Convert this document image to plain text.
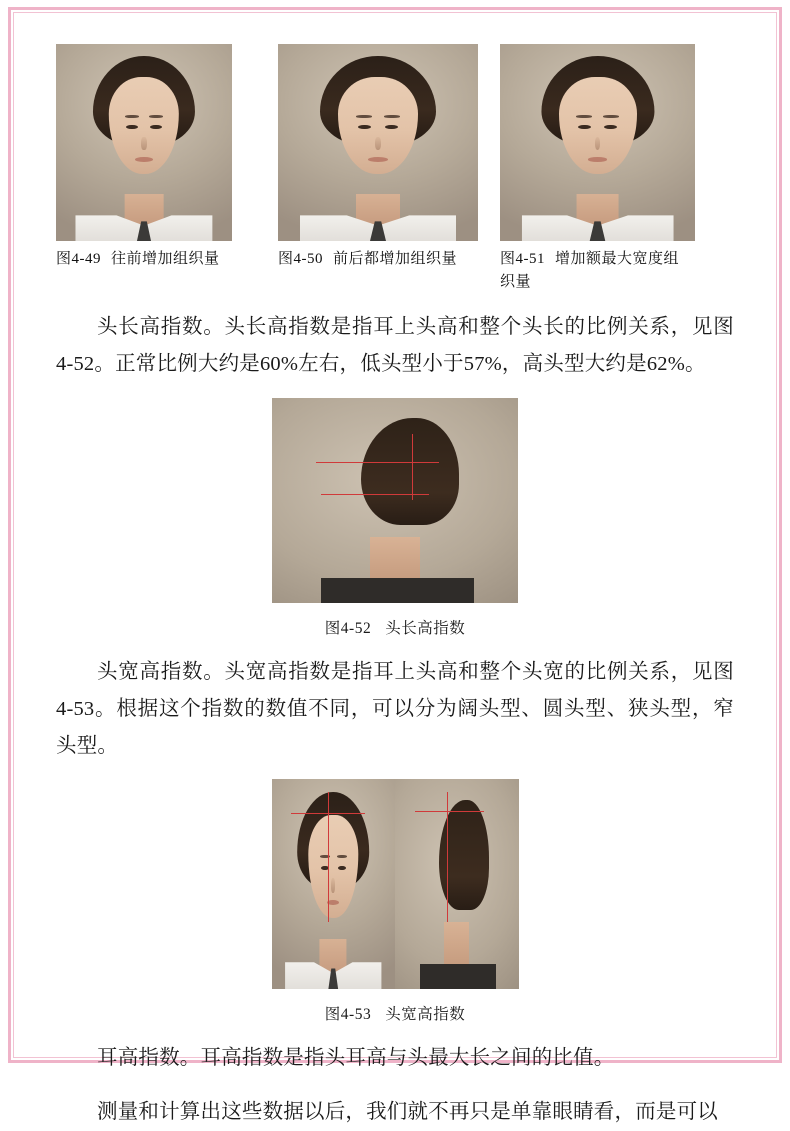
图4-49 往前增加组织量	图4-50 前后都增加组织量	图4-51 增加额最大宽度组织量

头长高指数。头长高指数是指耳上头高和整个头长的比例关系，见图4-52。正常比例大约是60%左右，低头型小于57%，高头型大约是62%。

图4-52 头长高指数

头宽高指数。头宽高指数是指耳上头高和整个头宽的比例关系，见图4-53。根据这个指数的数值不同，可以分为阔头型、圆头型、狭头型，窄头型。

图4-53 头宽高指数

耳高指数。耳高指数是指头耳高与头最大长之间的比值。

测量和计算出这些数据以后，我们就不再只是单靠眼睛看，而是可以
